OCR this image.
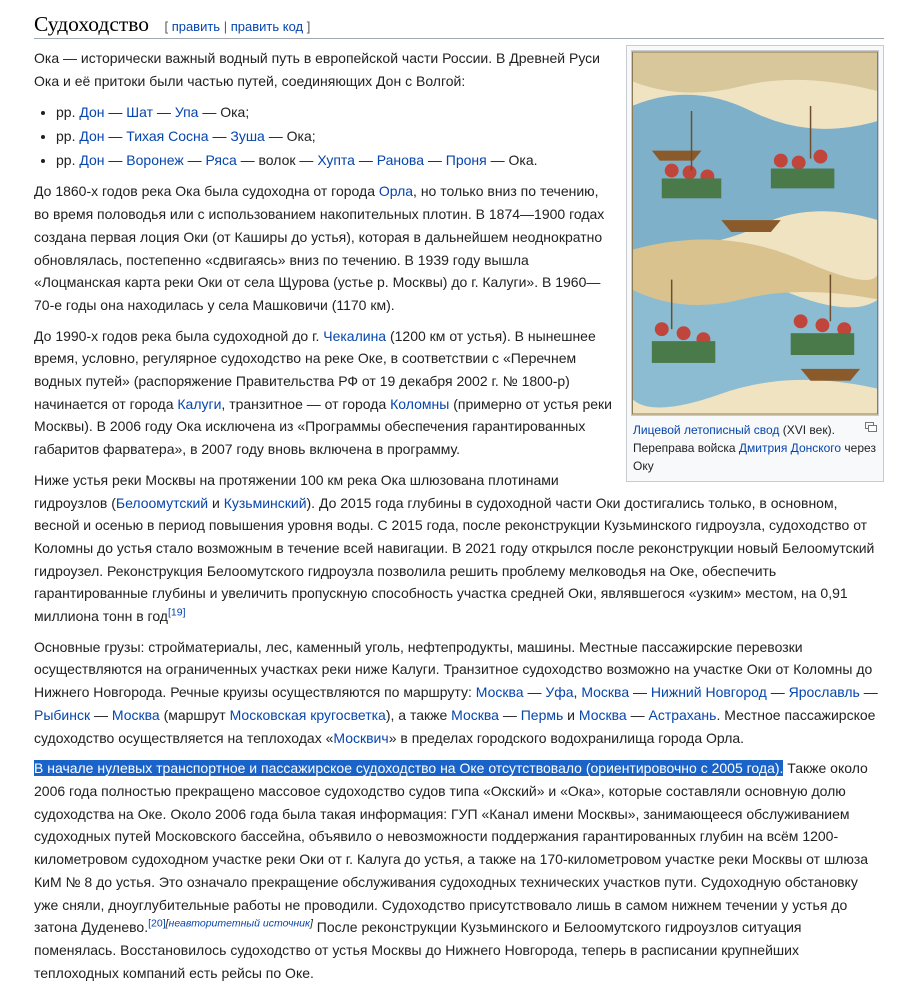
Судоходство [ править | править код ]
Лицевой летописный свод (XVI век). Переправа войска Дмитрия Донского через Оку

Ока — исторически важный водный путь в европейской части России. В Древней Руси Ока и её притоки были частью путей, соединяющих Дон с Волгой:

• рр. Дон — Шат — Упа — Ока;
• рр. Дон — Тихая Сосна — Зуша — Ока;
• рр. Дон — Воронеж — Ряса — волок — Хупта — Ранова — Проня — Ока.

До 1860-х годов река Ока была судоходна от города Орла, но только вниз по течению, во время половодья или с использованием накопительных плотин. В 1874—1900 годах создана первая лоция Оки (от Каширы до устья), которая в дальнейшем неоднократно обновлялась, постепенно «сдвигаясь» вниз по течению. В 1939 году вышла «Лоцманская карта реки Оки от села Щурова (устье р. Москвы) до г. Калуги». В 1960—70-е годы она находилась у села Машковичи (1170 км).

До 1990-х годов река была судоходной до г. Чекалина (1200 км от устья). В нынешнее время, условно, регулярное судоходство на реке Оке, в соответствии с «Перечнем водных путей» (распоряжение Правительства РФ от 19 декабря 2002 г. № 1800-р) начинается от города Калуги, транзитное — от города Коломны (примерно от устья реки Москвы). В 2006 году Ока исключена из «Программы обеспечения гарантированных габаритов фарватера», в 2007 году вновь включена в программу.

Ниже устья реки Москвы на протяжении 100 км река Ока шлюзована плотинами гидроузлов (Белоомутский и Кузьминский). До 2015 года глубины в судоходной части Оки достигались только, в основном, весной и осенью в период повышения уровня воды. С 2015 года, после реконструкции Кузьминского гидроузла, судоходство от Коломны до устья стало возможным в течение всей навигации. В 2021 году открылся после реконструкции новый Белоомутский гидроузел. Реконструкция Белоомутского гидроузла позволила решить проблему мелководья на Оке, обеспечить гарантированные глубины и увеличить пропускную способность участка средней Оки, являвшегося «узким» местом, на 0,91 миллиона тонн в год[19]

Основные грузы: стройматериалы, лес, каменный уголь, нефтепродукты, машины. Местные пассажирские перевозки осуществляются на ограниченных участках реки ниже Калуги. Транзитное судоходство возможно на участке Оки от Коломны до Нижнего Новгорода. Речные круизы осуществляются по маршруту: Москва — Уфа, Москва — Нижний Новгород — Ярославль — Рыбинск — Москва (маршрут Московская кругосветка), а также Москва — Пермь и Москва — Астрахань. Местное пассажирское судоходство осуществляется на теплоходах «Москвич» в пределах городского водохранилища города Орла.

В начале нулевых транспортное и пассажирское судоходство на Оке отсутствовало (ориентировочно с 2005 года). Также около 2006 года полностью прекращено массовое судоходство судов типа «Окский» и «Ока», которые составляли основную долю судоходства на Оке. Около 2006 года была такая информация: ГУП «Канал имени Москвы», занимающееся обслуживанием судоходных путей Московского бассейна, объявило о невозможности поддержания гарантированных глубин на всём 1200-километровом судоходном участке реки Оки от г. Калуга до устья, а также на 170-километровом участке реки Москвы от шлюза КиМ № 8 до устья. Это означало прекращение обслуживания судоходных технических участков пути. Судоходную обстановку уже сняли, дноуглубительные работы не проводили. Судоходство присутствовало лишь в самом нижнем течении у устья до затона Дуденево.[20][неавторитетный источник] После реконструкции Кузьминского и Белоомутского гидроузлов ситуация поменялась. Восстановилось судоходство от устья Москвы до Нижнего Новгорода, теперь в расписании крупнейших теплоходных компаний есть рейсы по Оке.
